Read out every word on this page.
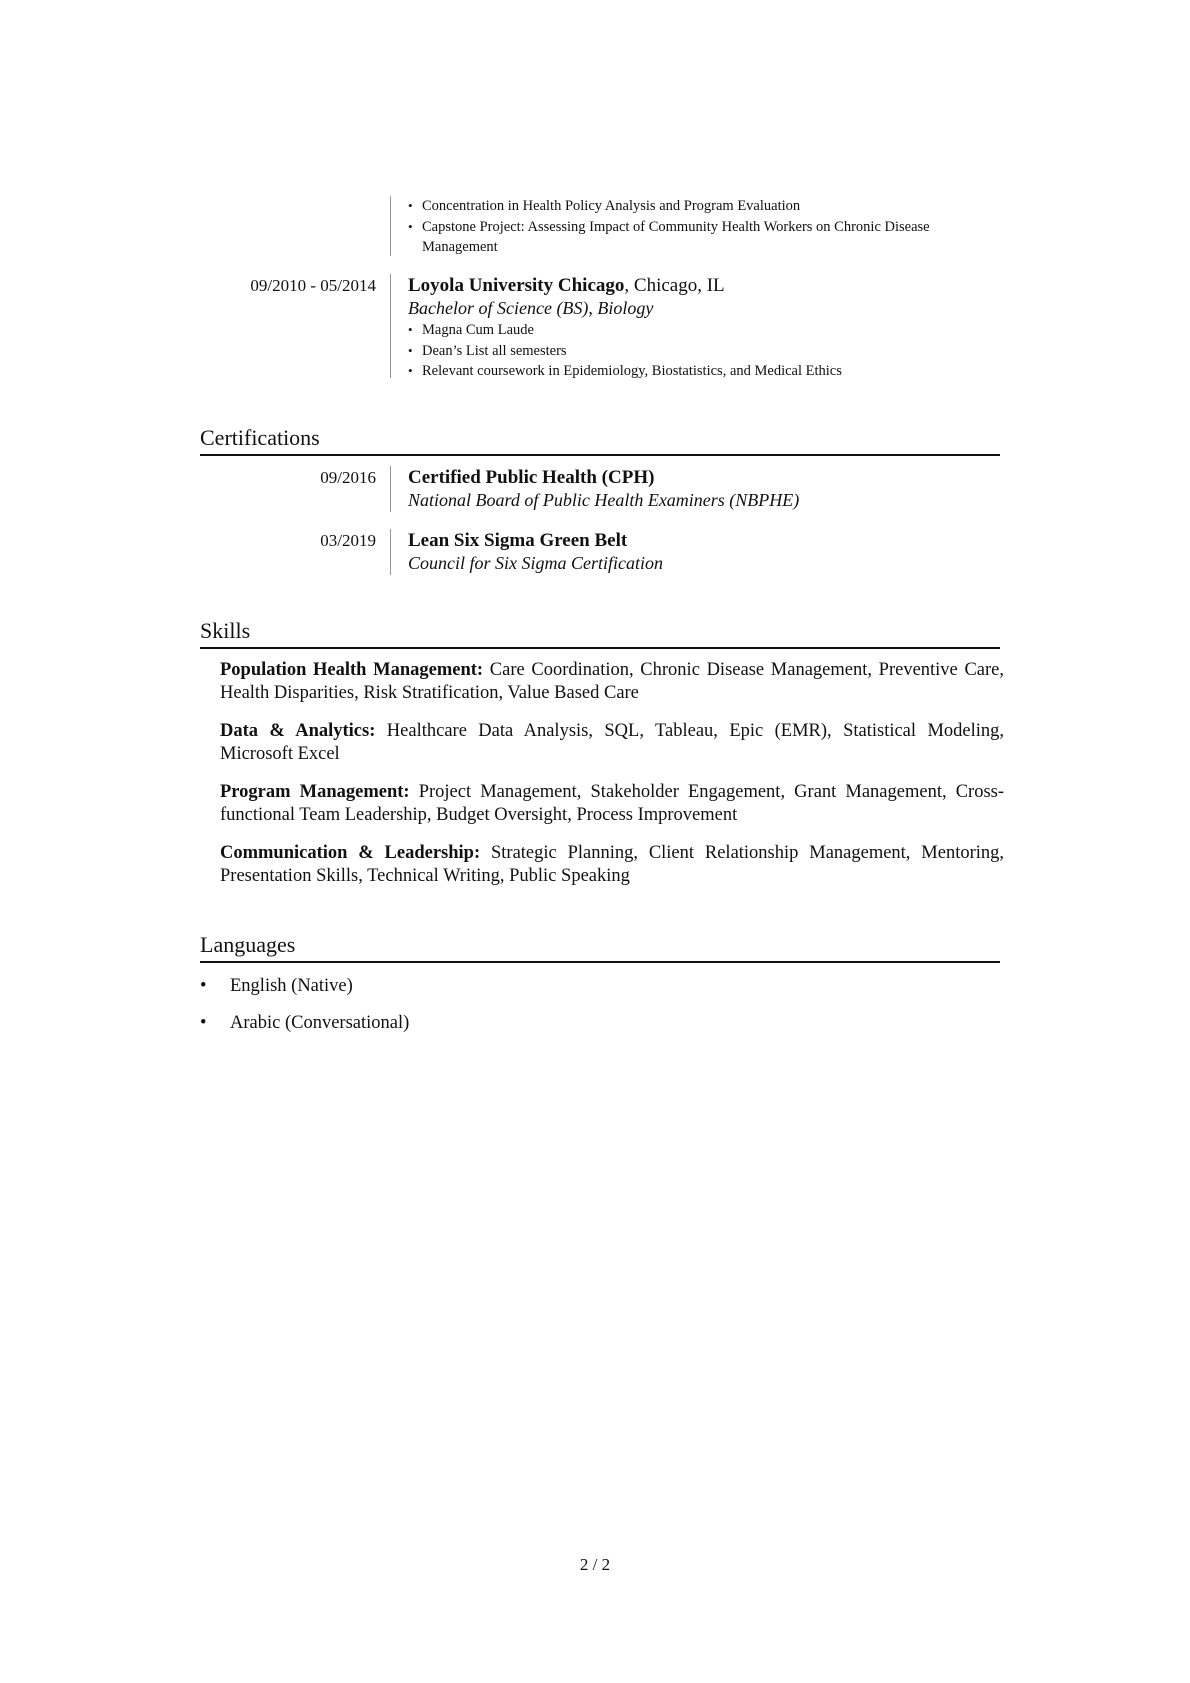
• Concentration in Health Policy Analysis and Program Evaluation
• Capstone Project: Assessing Impact of Community Health Workers on Chronic Disease Management
09/2010 - 05/2014 Loyola University Chicago, Chicago, IL
Bachelor of Science (BS), Biology
• Magna Cum Laude
• Dean’s List all semesters
• Relevant coursework in Epidemiology, Biostatistics, and Medical Ethics
Certifications
09/2016 Certified Public Health (CPH)
National Board of Public Health Examiners (NBPHE)
03/2019 Lean Six Sigma Green Belt
Council for Six Sigma Certification
Skills
Population Health Management: Care Coordination, Chronic Disease Management, Preventive Care, Health Disparities, Risk Stratification, Value Based Care
Data & Analytics: Healthcare Data Analysis, SQL, Tableau, Epic (EMR), Statistical Modeling, Microsoft Excel
Program Management: Project Management, Stakeholder Engagement, Grant Management, Cross-functional Team Leadership, Budget Oversight, Process Improvement
Communication & Leadership: Strategic Planning, Client Relationship Management, Mentoring, Presentation Skills, Technical Writing, Public Speaking
Languages
• English (Native)
• Arabic (Conversational)
2 / 2
